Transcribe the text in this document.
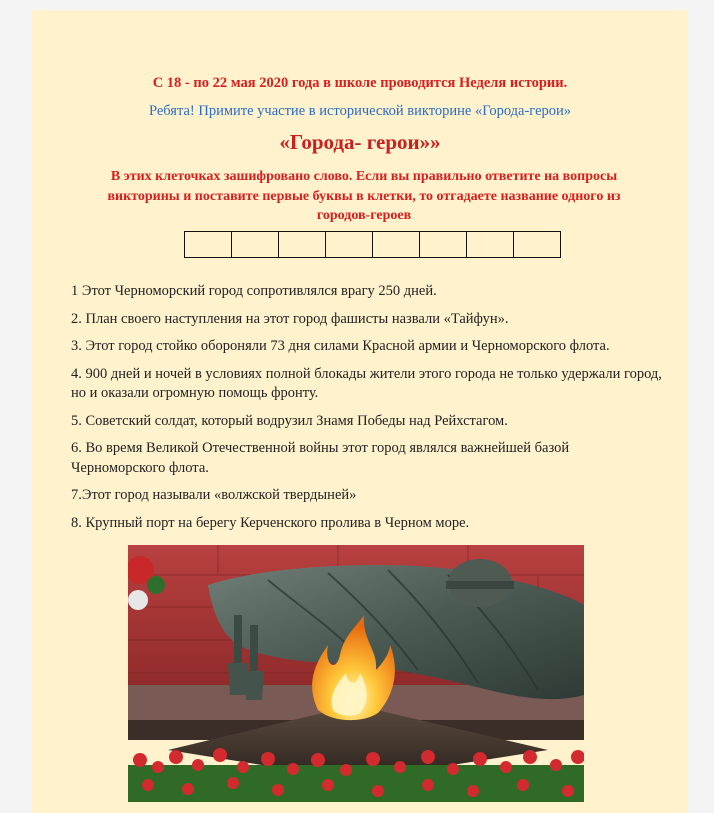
С 18 - по 22 мая 2020 года в школе проводится Неделя истории.
Ребята! Примите участие в исторической викторине «Города-герои»
«Города- герои»»
В этих клеточках зашифровано слово. Если вы правильно ответите на вопросы викторины и поставите первые буквы в клетки, то отгадаете название одного из городов-героев
1 Этот Черноморский город сопротивлялся врагу 250 дней.
2. План своего наступления на этот город фашисты назвали «Тайфун».
3. Этот город стойко обороняли 73 дня силами Красной армии и Черноморского флота.
4. 900 дней и ночей в условиях полной блокады жители этого города не только удержали город, но и оказали огромную помощь фронту.
5. Советский солдат, который водрузил Знамя Победы над Рейхстагом.
6. Во время Великой Отечественной войны этот город являлся важнейшей базой Черноморского флота.
7.Этот город называли «волжской твердыней»
8. Крупный порт на берегу Керченского пролива в Черном море.
